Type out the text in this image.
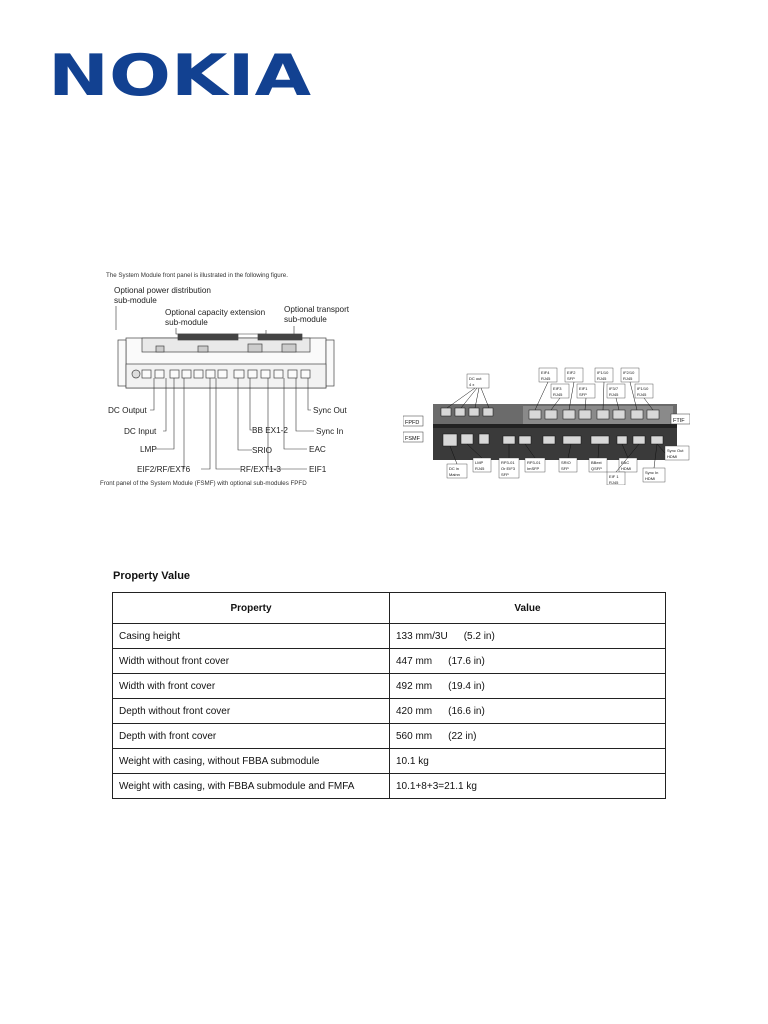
NOKIA
The System Module front panel is illustrated in the following figure.
Optional power distribution
sub-module
Optional capacity extension
sub-module
Optional transport
sub-module
DC Output
DC Input
LMP
EIF2/RF/EXT6
BB EX1-2
SRIO
RF/EXT1-3
Sync Out
Sync In
EAC
EIF1
Front panel of the System Module (FSMF) with optional sub-modules FPFD
FPFD
FSMF
FTIF
DC out
4 x
EIF4
RJ45
EIF3
RJ45
EIF2
SFP
EIF1
SFP
IF1/10
RJ45
IF3/7
RJ45
IF2/10
RJ45
IF1/10
RJ45
DC in
Mainn
LMP
RJ45
RP3-01
Or EIF3
SFP
RP3-01
ImSFP
SRIO
SFP
BBext
QSFP
EAC
HDMI
Sync Out
HDMI
EIF 1
RJ45
Sync In
HDMI
Property Value
Property	Value
Casing height	133 mm/3U (5.2 in)
Width without front cover	447 mm (17.6 in)
Width with front cover	492 mm (19.4 in)
Depth without front cover	420 mm (16.6 in)
Depth with front cover	560 mm (22 in)
Weight with casing, without FBBA submodule	10.1 kg
Weight with casing, with FBBA submodule and FMFA	10.1+8+3=21.1 kg
